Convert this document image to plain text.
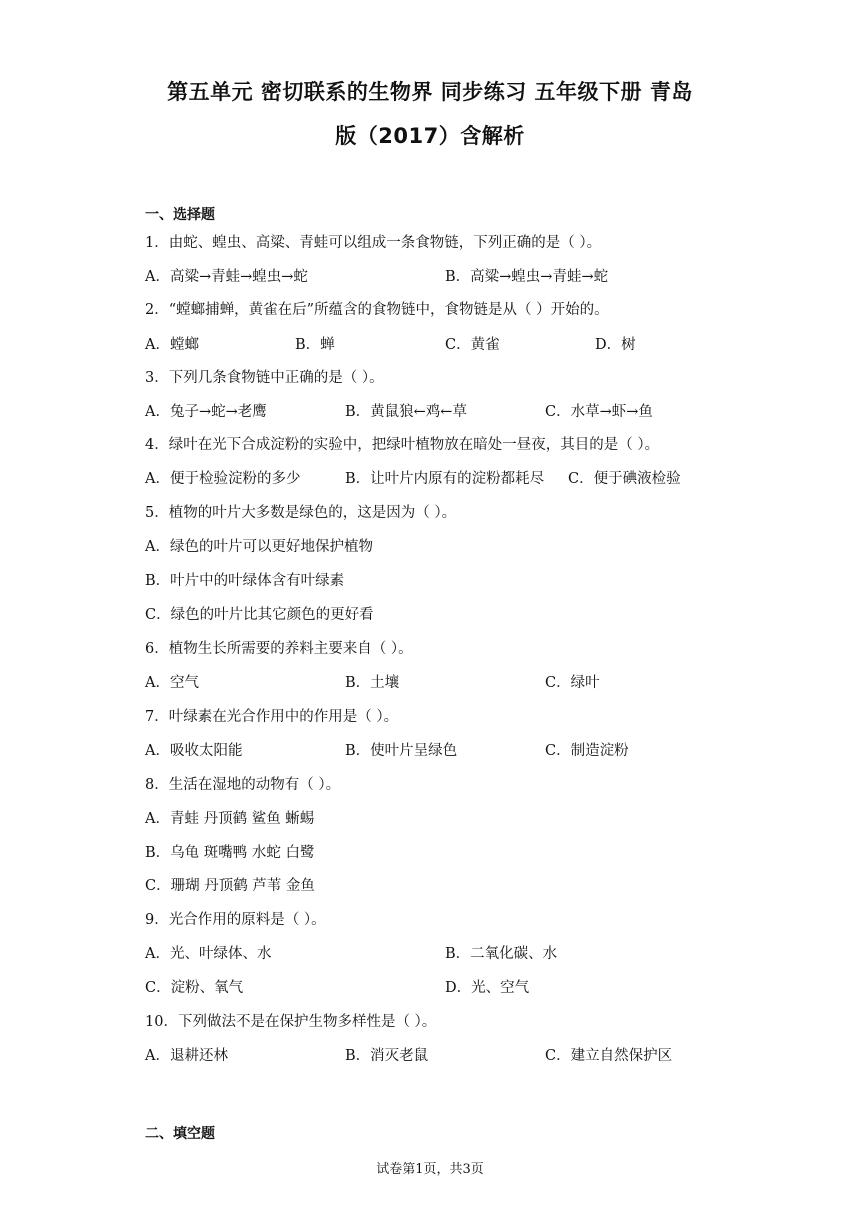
第五单元 密切联系的生物界 同步练习 五年级下册 青岛
版（2017）含解析
一、选择题
1．由蛇、蝗虫、高粱、青蛙可以组成一条食物链，下列正确的是（ ）。
A．高粱→青蛙→蝗虫→蛇	B．高粱→蝗虫→青蛙→蛇
2．“螳螂捕蝉，黄雀在后”所蕴含的食物链中，食物链是从（ ）开始的。
A．螳螂	B．蝉	C．黄雀	D．树
3．下列几条食物链中正确的是（ ）。
A．兔子→蛇→老鹰	B．黄鼠狼←鸡←草	C．水草→虾→鱼
4．绿叶在光下合成淀粉的实验中，把绿叶植物放在暗处一昼夜，其目的是（ ）。
A．便于检验淀粉的多少	B．让叶片内原有的淀粉都耗尽 C．便于碘液检验
5．植物的叶片大多数是绿色的，这是因为（ ）。
A．绿色的叶片可以更好地保护植物
B．叶片中的叶绿体含有叶绿素
C．绿色的叶片比其它颜色的更好看
6．植物生长所需要的养料主要来自（ ）。
A．空气	B．土壤	C．绿叶
7．叶绿素在光合作用中的作用是（ ）。
A．吸收太阳能	B．使叶片呈绿色	C．制造淀粉
8．生活在湿地的动物有（ ）。
A．青蛙 丹顶鹤 鲨鱼 蜥蜴
B．乌龟 斑嘴鸭 水蛇 白鹭
C．珊瑚 丹顶鹤 芦苇 金鱼
9．光合作用的原料是（ ）。
A．光、叶绿体、水	B．二氧化碳、水
C．淀粉、氧气	D．光、空气
10．下列做法不是在保护生物多样性是（ ）。
A．退耕还林	B．消灭老鼠	C．建立自然保护区
二、填空题
试卷第1页，共3页
